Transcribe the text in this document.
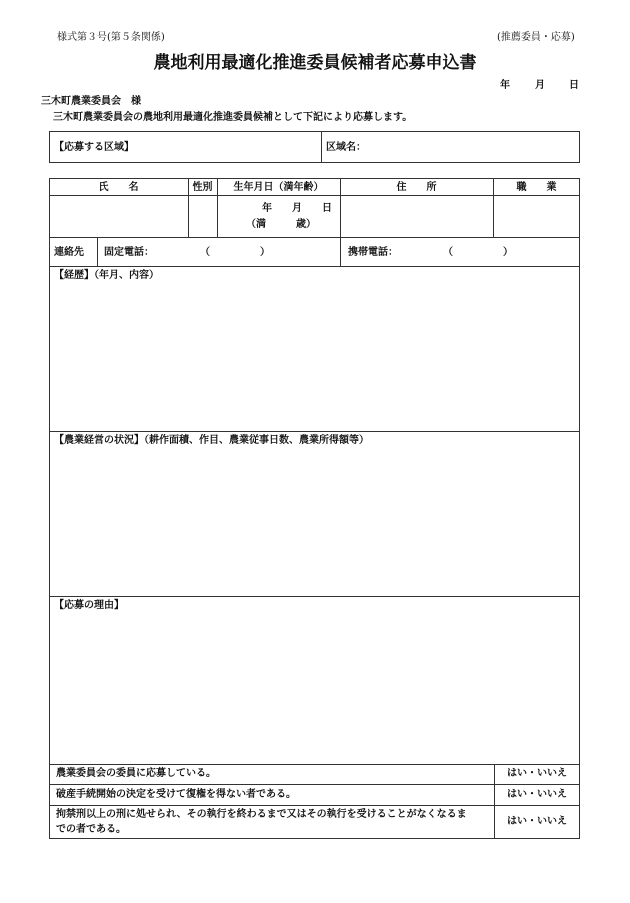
様式第３号(第５条関係)	(推薦委員・応募)
農地利用最適化推進委員候補者応募申込書
年	月 日
三木町農業委員会　様
三木町農業委員会の農地利用最適化推進委員候補として下記により応募します。
【応募する区域】	区域名：
氏　　名	性別	生年月日（満年齢）	住　　所	職　　業
年　　月　　日
（満　　　歳）
連絡先 固定電話：	（　　　　　）	携帯電話：	（　　　　　）
【経歴】（年月、内容）
【農業経営の状況】（耕作面積、作目、農業従事日数、農業所得額等）
【応募の理由】
農業委員会の委員に応募している。	はい・いいえ
破産手続開始の決定を受けて復権を得ない者である。	はい・いいえ
拘禁刑以上の刑に処せられ、その執行を終わるまで又はその執行を受けることがなくなるま
での者である。
はい・いいえ
